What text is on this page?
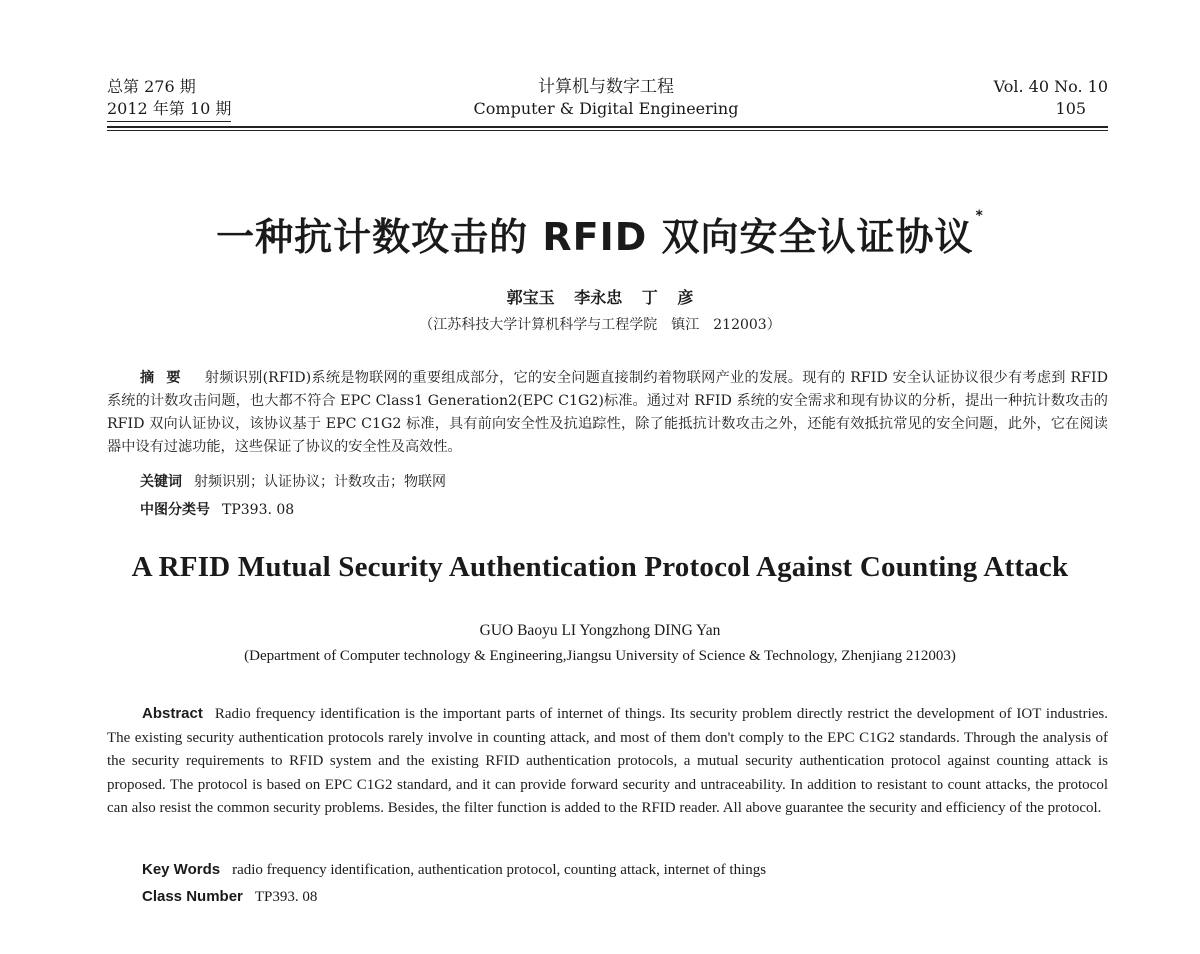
总第 276 期
2012 年第 10 期
计算机与数字工程
Computer & Digital Engineering
Vol. 40 No. 10
105
一种抗计数攻击的 RFID 双向安全认证协议 *
郭宝玉 李永忠 丁 彦
（江苏科技大学计算机科学与工程学院　镇江　212003）
摘要 射频识别(RFID)系统是物联网的重要组成部分，它的安全问题直接制约着物联网产业的发展。现有的 RFID 安全认证协议很少有考虑到 RFID 系统的计数攻击问题，也大都不符合 EPC Class1 Generation2(EPC C1G2)标准。通过对 RFID 系统的安全需求和现有协议的分析，提出一种抗计数攻击的 RFID 双向认证协议，该协议基于 EPC C1G2 标准，具有前向安全性及抗追踪性，除了能抵抗计数攻击之外，还能有效抵抗常见的安全问题，此外，它在阅读器中设有过滤功能，这些保证了协议的安全性及高效性。
关键词 射频识别；认证协议；计数攻击；物联网
中图分类号 TP393. 08
A RFID Mutual Security Authentication Protocol Against Counting Attack
GUO Baoyu LI Yongzhong DING Yan
(Department of Computer technology & Engineering,Jiangsu University of Science & Technology, Zhenjiang 212003)
Abstract Radio frequency identification is the important parts of internet of things. Its security problem directly restrict the development of IOT industries. The existing security authentication protocols rarely involve in counting attack, and most of them don't comply to the EPC C1G2 standards. Through the analysis of the security requirements to RFID system and the existing RFID authentication protocols, a mutual security authentication protocol against counting attack is proposed. The protocol is based on EPC C1G2 standard, and it can provide forward security and untraceability. In addition to resistant to count attacks, the protocol can also resist the common security problems. Besides, the filter function is added to the RFID reader. All above guarantee the security and efficiency of the protocol.
Key Words radio frequency identification, authentication protocol, counting attack, internet of things
Class Number TP393. 08
